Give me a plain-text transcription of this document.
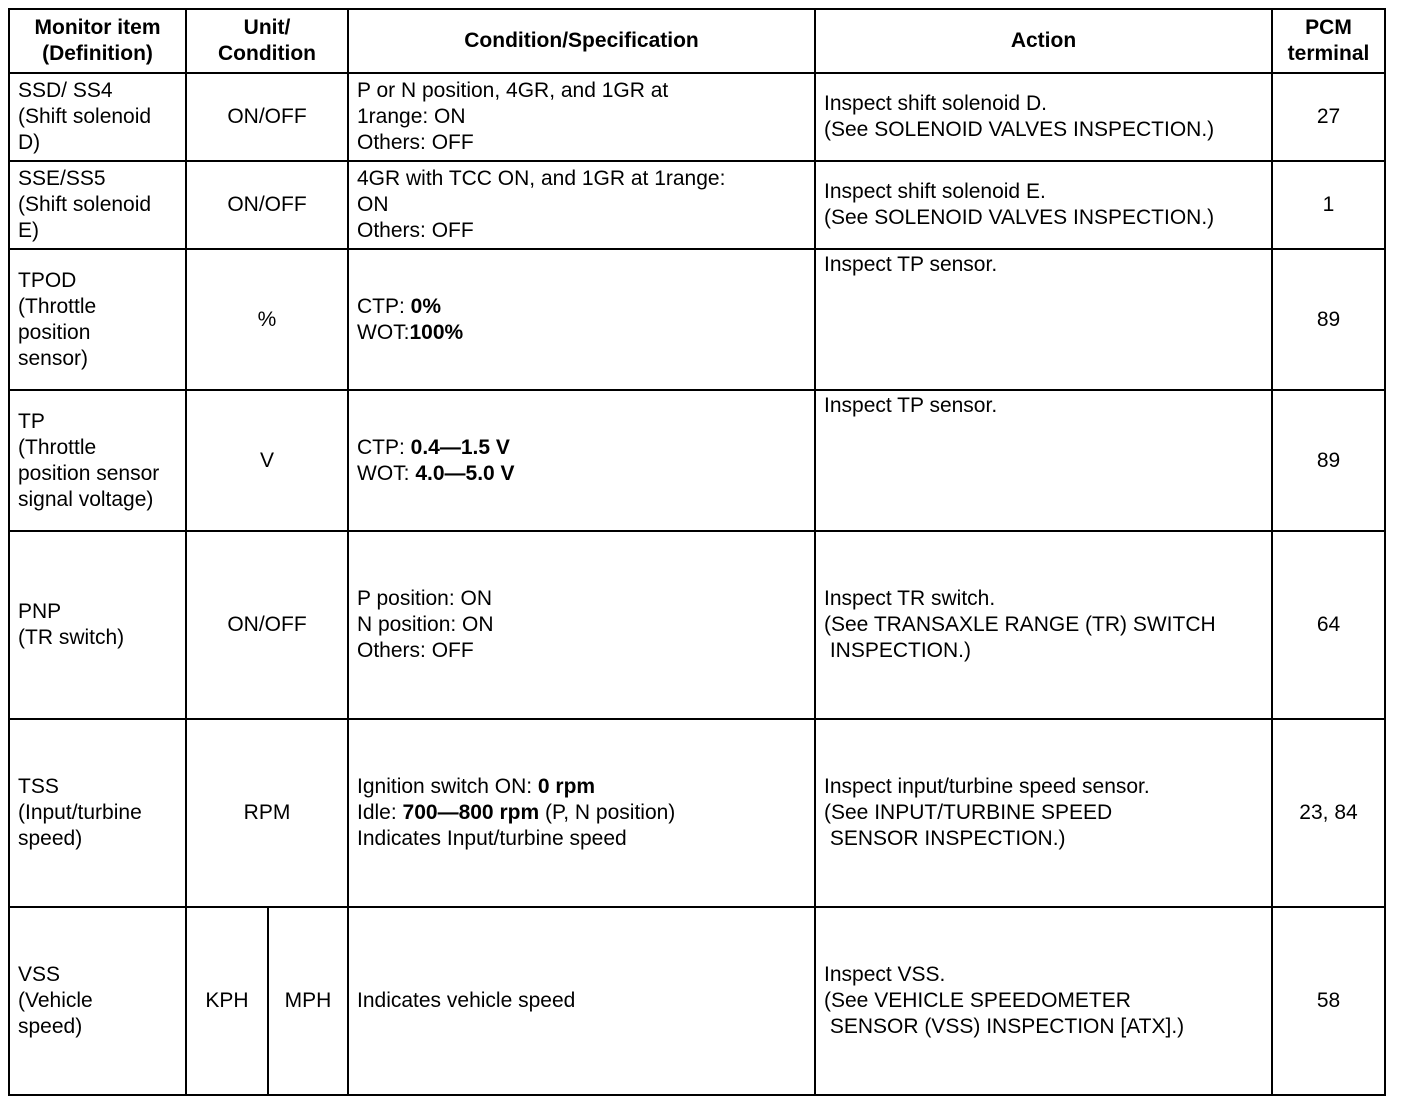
Monitor item
(Definition)	Unit/
Condition		Condition/Specification	Action	PCM
terminal

SSD/ SS4
(Shift solenoid
D)	ON/OFF		P or N position, 4GR, and 1GR at
1range: ON
Others: OFF	Inspect shift solenoid D.
(See SOLENOID VALVES INSPECTION.)	27

SSE/SS5
(Shift solenoid
E)	ON/OFF		4GR with TCC ON, and 1GR at 1range:
ON
Others: OFF	Inspect shift solenoid E.
(See SOLENOID VALVES INSPECTION.)	1

TPOD
(Throttle
position
sensor)	%		CTP: 0%
WOT:100%	Inspect TP sensor.	89

TP
(Throttle
position sensor
signal voltage)	V		CTP: 0.4—1.5 V
WOT: 4.0—5.0 V	Inspect TP sensor.	89

PNP
(TR switch)	ON/OFF		P position: ON
N position: ON
Others: OFF	Inspect TR switch.
(See TRANSAXLE RANGE (TR) SWITCH
INSPECTION.)	64

TSS
(Input/turbine
speed)	RPM		Ignition switch ON: 0 rpm
Idle: 700—800 rpm (P, N position)
Indicates Input/turbine speed	Inspect input/turbine speed sensor.
(See INPUT/TURBINE SPEED
SENSOR INSPECTION.)	23, 84

VSS
(Vehicle
speed)	KPH	MPH	Indicates vehicle speed	Inspect VSS.
(See VEHICLE SPEEDOMETER
SENSOR (VSS) INSPECTION [ATX].)	58
